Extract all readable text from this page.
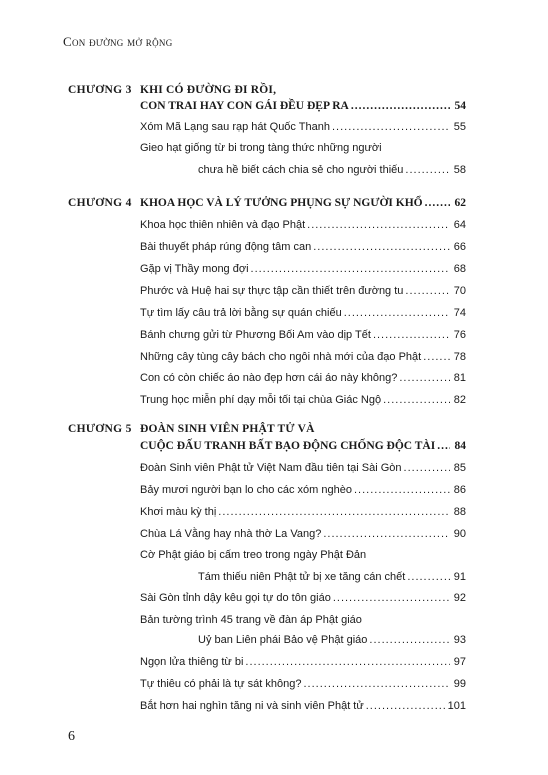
Con đường mở rộng
CHƯƠNG 3 KHI CÓ ĐƯỜNG ĐI RỒI,
CON TRAI HAY CON GÁI ĐỀU ĐẸP RA .....	54
Xóm Mã Lạng sau rạp hát Quốc Thanh .....	55
Gieo hạt giống từ bi trong tàng thức những người
chưa hề biết cách chia sẻ cho người thiếu .....	58
CHƯƠNG 4 KHOA HỌC VÀ LÝ TƯỞNG PHỤNG SỰ NGƯỜI KHỔ .....	62
Khoa học thiên nhiên và đạo Phật .....	64
Bài thuyết pháp rúng động tâm can .....	66
Gặp vị Thầy mong đợi .....	68
Phước và Huệ hai sự thực tập cần thiết trên đường tu .....	70
Tự tìm lấy câu trả lời bằng sự quán chiếu .....	74
Bánh chưng gửi từ Phương Bối Am vào dịp Tết .....	76
Những cây tùng cây bách cho ngôi nhà mới của đạo Phật .....	78
Con có còn chiếc áo nào đẹp hơn cái áo này không? .....	81
Trung học miễn phí dạy mỗi tối tại chùa Giác Ngộ .....	82
CHƯƠNG 5 ĐOÀN SINH VIÊN PHẬT TỬ VÀ
CUỘC ĐẤU TRANH BẤT BẠO ĐỘNG CHỐNG ĐỘC TÀI ..... 84
Đoàn Sinh viên Phật tử Việt Nam đầu tiên tại Sài Gòn .....	85
Bảy mươi người bạn lo cho các xóm nghèo .....	86
Khơi màu kỳ thị .....	88
Chùa Lá Vằng hay nhà thờ La Vang? .....	90
Cờ Phật giáo bị cấm treo trong ngày Phật Đản
Tám thiếu niên Phật tử bị xe tăng cán chết .....	91
Sài Gòn tỉnh dậy kêu gọi tự do tôn giáo .....	92
Bản tường trình 45 trang về đàn áp Phật giáo
Uỷ ban Liên phái Bảo vệ Phật giáo .....	93
Ngọn lửa thiêng từ bi .....	97
Tự thiêu có phải là tự sát không? .....	99
Bắt hơn hai nghìn tăng ni và sinh viên Phật tử .....	101
6
